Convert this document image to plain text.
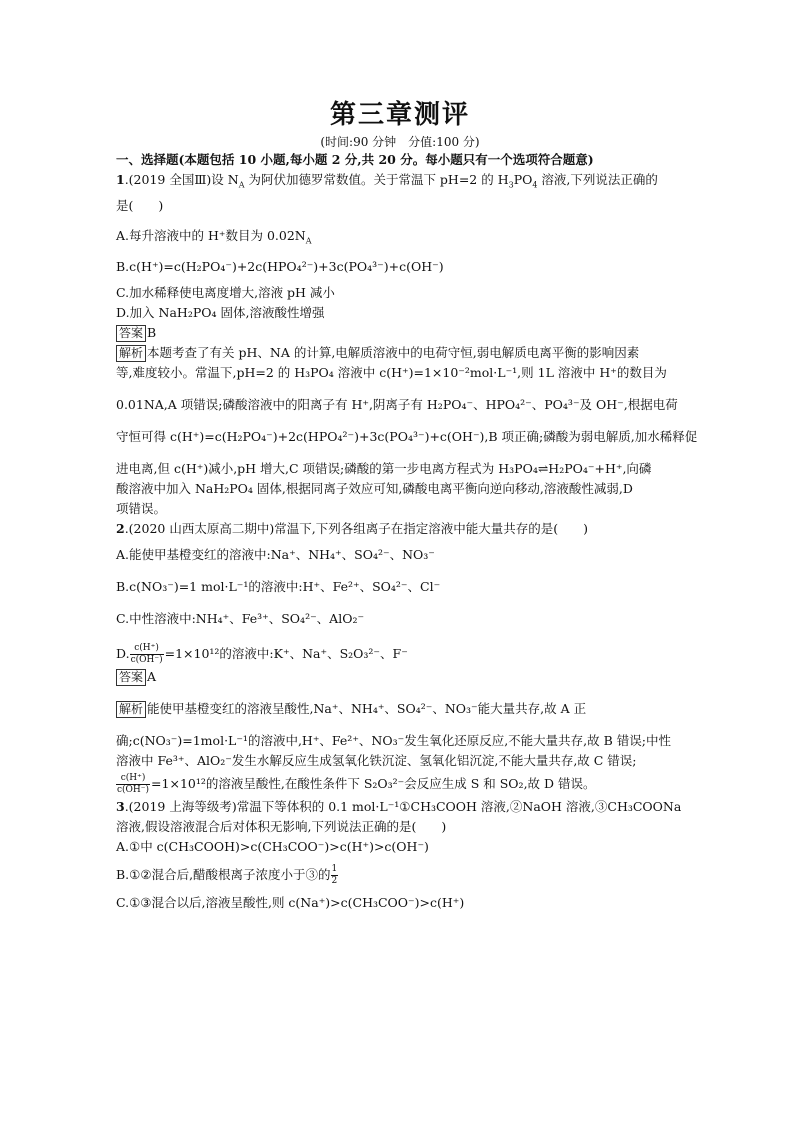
第三章测评
(时间:90 分钟　分值:100 分)
一、选择题(本题包括 10 小题,每小题 2 分,共 20 分。每小题只有一个选项符合题意)
1.(2019 全国Ⅲ)设 $N_A$ 为阿伏加德罗常数值。关于常温下 pH=2 的 $H_3PO_4$ 溶液,下列说法正确的
是(　　)
A.每升溶液中的 H⁺数目为 $0.02N_A$
B.c(H⁺)=c(H₂PO₄⁻)+2c(HPO₄²⁻)+3c(PO₄³⁻)+c(OH⁻)
C.加水稀释使电离度增大,溶液 pH 减小
D.加入 NaH₂PO₄ 固体,溶液酸性增强
答案 B
解析 本题考查了有关 pH、NA 的计算,电解质溶液中的电荷守恒,弱电解质电离平衡的影响因素
等,难度较小。常温下,pH=2 的 H₃PO₄ 溶液中 c(H⁺)=1×10⁻²mol·L⁻¹,则 1L 溶液中 H⁺的数目为
0.01NA,A 项错误;磷酸溶液中的阳离子有 H⁺,阴离子有 H₂PO₄⁻、HPO₄²⁻、PO₄³⁻及 OH⁻,根据电荷
守恒可得 c(H⁺)=c(H₂PO₄⁻)+2c(HPO₄²⁻)+3c(PO₄³⁻)+c(OH⁻),B 项正确;磷酸为弱电解质,加水稀释促
进电离,但 c(H⁺)减小,pH 增大,C 项错误;磷酸的第一步电离方程式为 H₃PO₄⇌H₂PO₄⁻+H⁺,向磷
酸溶液中加入 NaH₂PO₄ 固体,根据同离子效应可知,磷酸电离平衡向逆向移动,溶液酸性减弱,D
项错误。
2.(2020 山西太原高二期中)常温下,下列各组离子在指定溶液中能大量共存的是(　　)
A.能使甲基橙变红的溶液中:Na⁺、NH₄⁺、SO₄²⁻、NO₃⁻
B.c(NO₃⁻)=1 mol·L⁻¹的溶液中:H⁺、Fe²⁺、SO₄²⁻、Cl⁻
C.中性溶液中:NH₄⁺、Fe³⁺、SO₄²⁻、AlO₂⁻
D. $\frac{c(H^+)}{c(OH^-)} =1\times 10^{12}$的溶液中:K⁺、Na⁺、S₂O₃²⁻、F⁻
答案 A
解析 能使甲基橙变红的溶液呈酸性,Na⁺、NH₄⁺、SO₄²⁻、NO₃⁻能大量共存,故 A 正
确;c(NO₃⁻)=1mol·L⁻¹的溶液中,H⁺、Fe²⁺、NO₃⁻发生氧化还原反应,不能大量共存,故 B 错误;中性
溶液中 Fe³⁺、AlO₂⁻发生水解反应生成氢氧化铁沉淀、氢氧化铝沉淀,不能大量共存,故 C 错误;
$\frac{c(H^+)}{c(OH^-)} =1\times 10^{12}$的溶液呈酸性,在酸性条件下 S₂O₃²⁻会反应生成 S 和 SO₂,故 D 错误。
3.(2019 上海等级考)常温下等体积的 0.1 mol·L⁻¹①CH₃COOH 溶液,②NaOH 溶液,③CH₃COONa
溶液,假设溶液混合后对体积无影响,下列说法正确的是(　　)
A.①中 c(CH₃COOH)>c(CH₃COO⁻)>c(H⁺)>c(OH⁻)
B.①②混合后,醋酸根离子浓度小于③的 $\frac{1}{2}$
C.①③混合以后,溶液呈酸性,则 c(Na⁺)>c(CH₃COO⁻)>c(H⁺)
